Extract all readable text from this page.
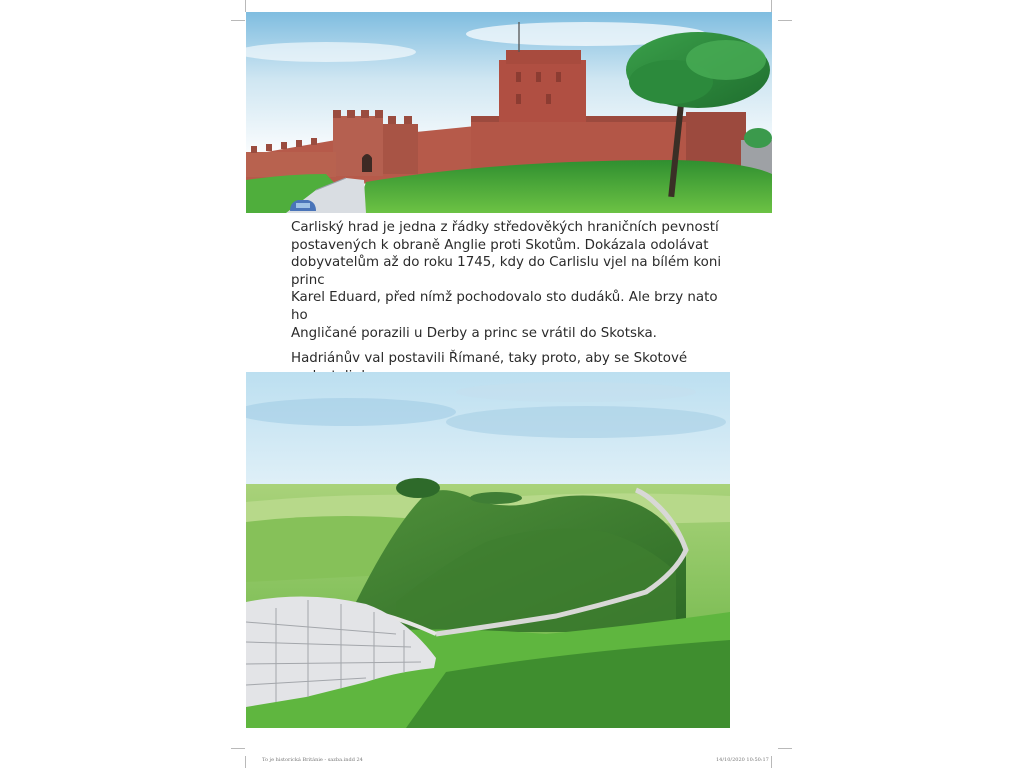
Carliský hrad je jedna z řádky středověkých hraničních pevností
postavených k obraně Anglie proti Skotům. Dokázala odolávat
dobyvatelům až do roku 1745, kdy do Carlislu vjel na bílém koni princ
Karel Eduard, před nímž pochodovalo sto dudáků. Ale brzy nato ho
Angličané porazili u Derby a princ se vrátil do Skotska.

Hadriánův val postavili Římané, taky proto, aby se Skotové

To je historická Británie - sazba.indd 24	14/10/2020 10:50:17
